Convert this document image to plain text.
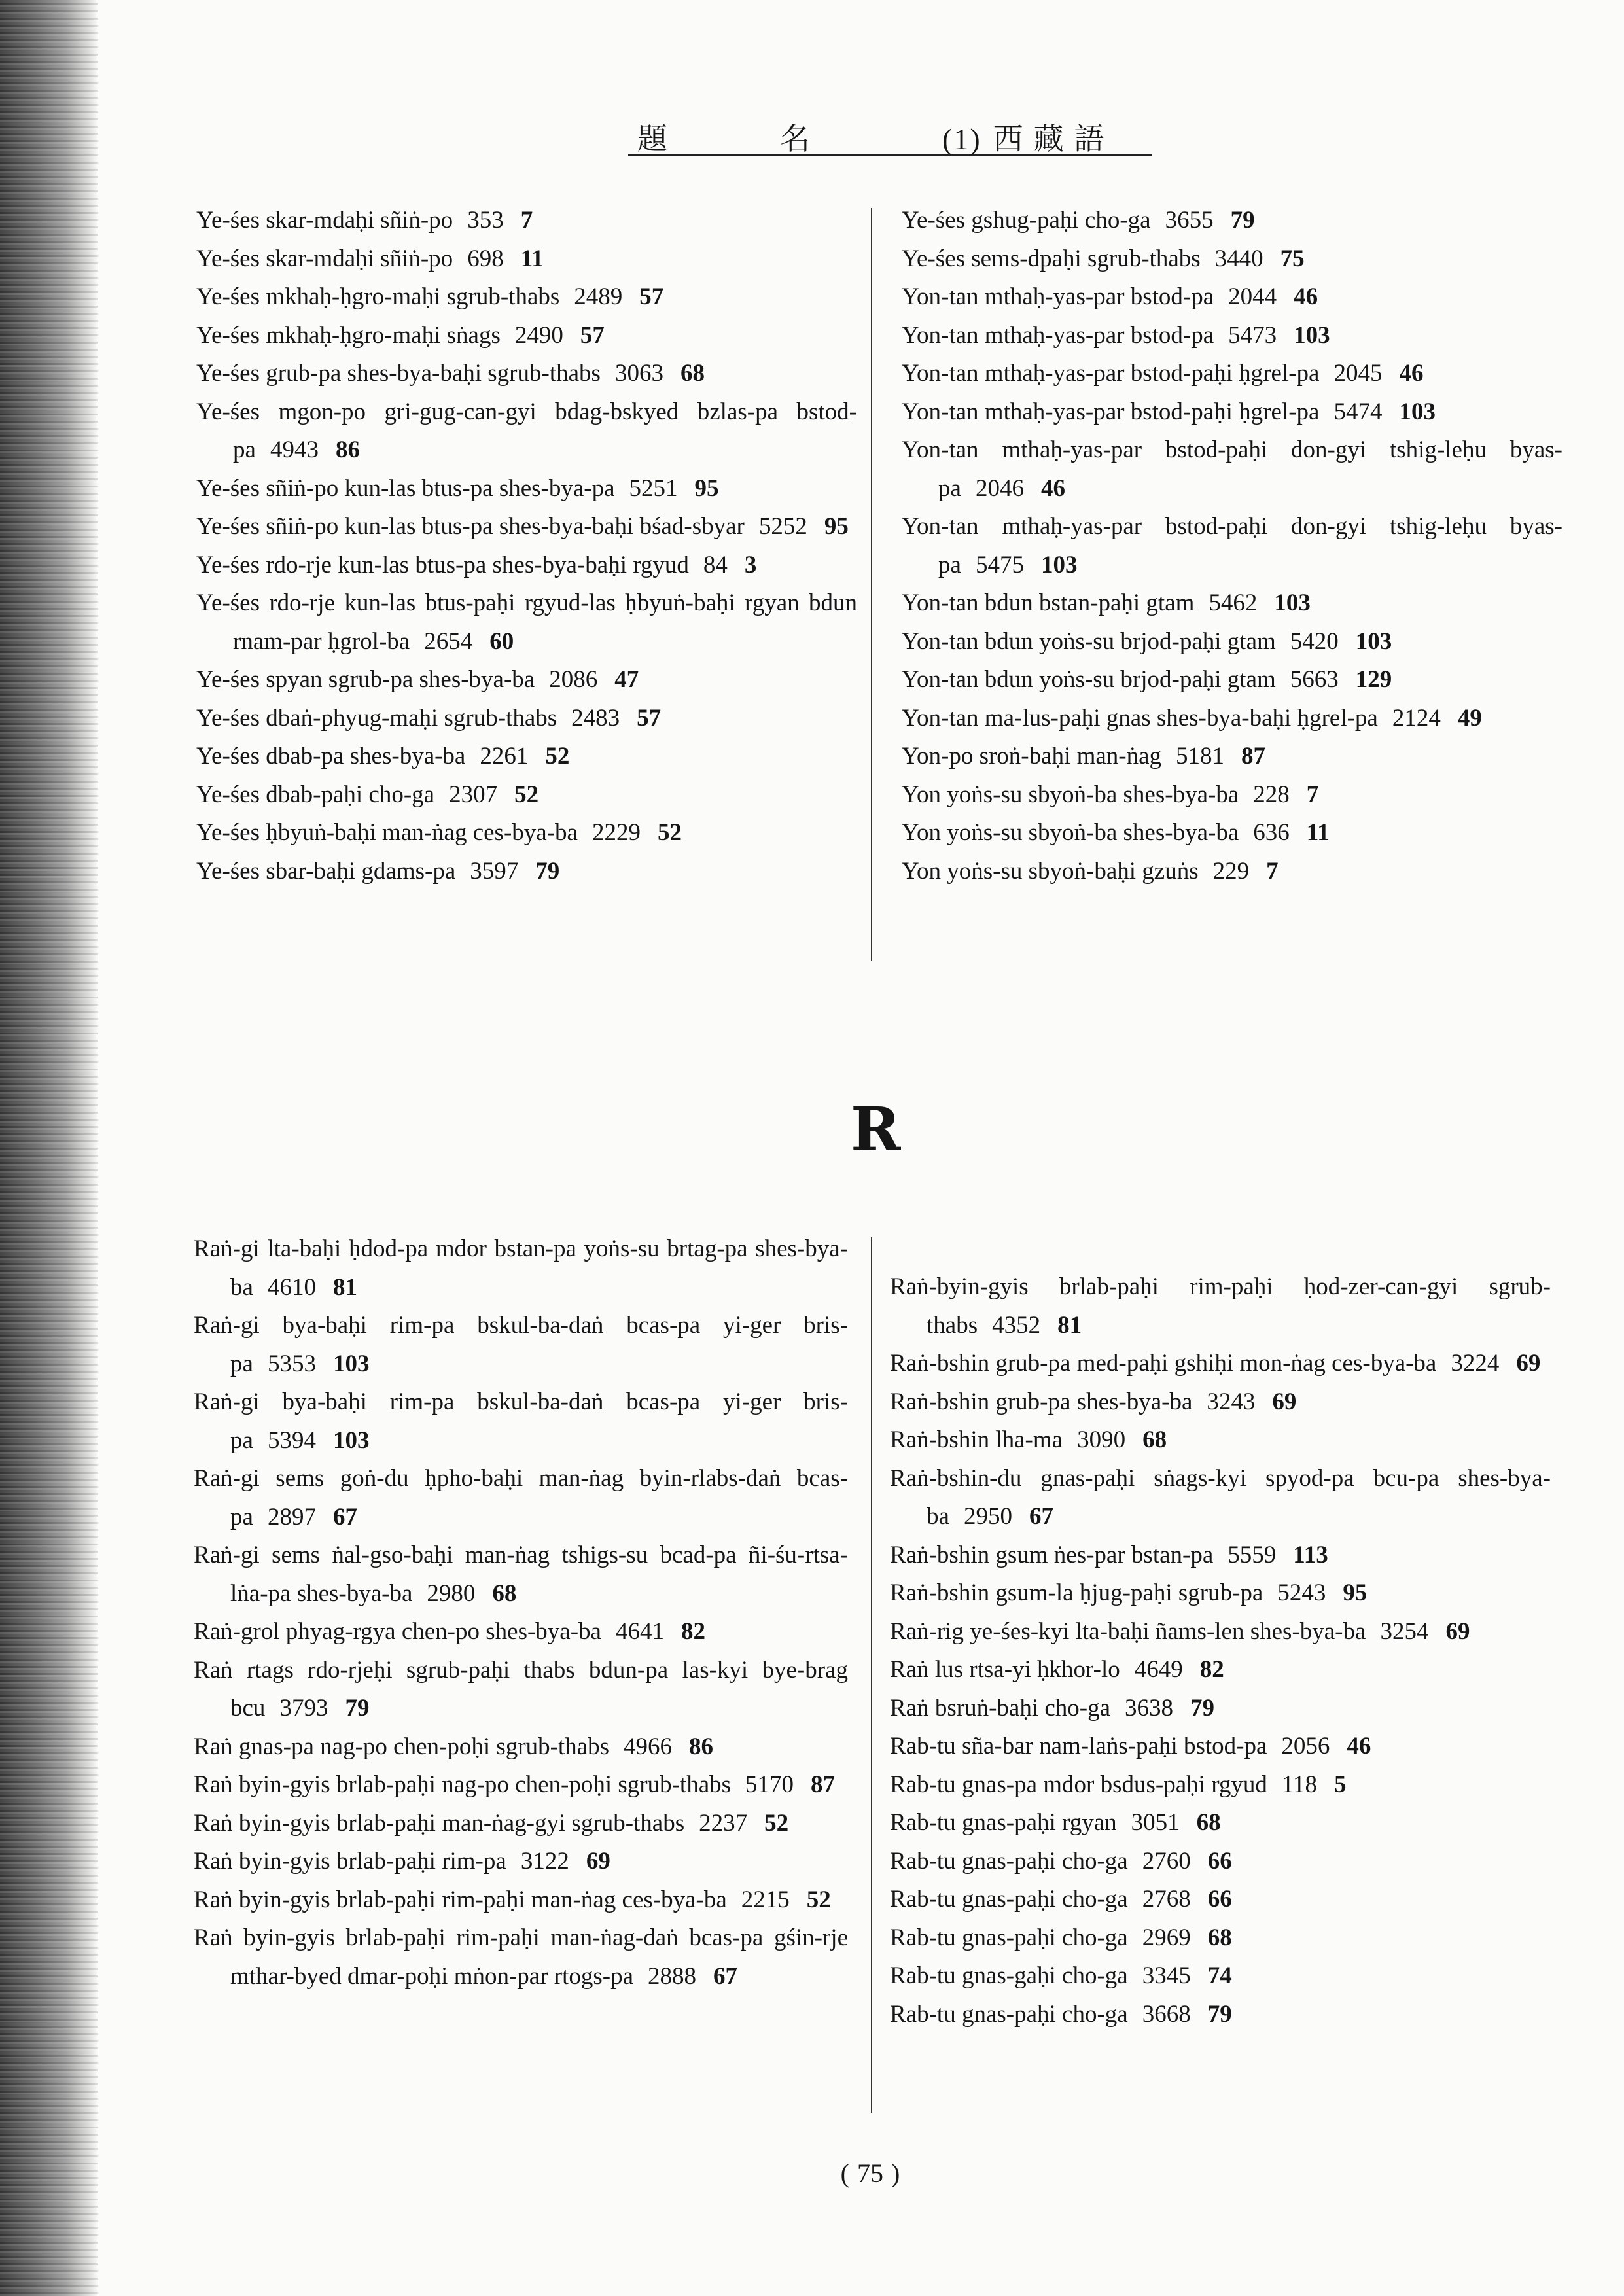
題	名	(1) 西藏語
Ye-śes skar-mdaḥi sñiṅ-po 353 7
Ye-śes skar-mdaḥi sñiṅ-po 698 11
Ye-śes mkhaḥ-ḥgro-maḥi sgrub-thabs 2489 57
Ye-śes mkhaḥ-ḥgro-maḥi sṅags 2490 57
Ye-śes grub-pa shes-bya-baḥi sgrub-thabs 3063 68
Ye-śes mgon-po gri-gug-can-gyi bdag-bskyed bzlas-pa bstod-pa 4943 86
Ye-śes sñiṅ-po kun-las btus-pa shes-bya-pa 5251 95
Ye-śes sñiṅ-po kun-las btus-pa shes-bya-baḥi bśad-sbyar 5252 95
Ye-śes rdo-rje kun-las btus-pa shes-bya-baḥi rgyud 84 3
Ye-śes rdo-rje kun-las btus-paḥi rgyud-las ḥbyuṅ-baḥi rgyan bdun rnam-par ḥgrol-ba 2654 60
Ye-śes spyan sgrub-pa shes-bya-ba 2086 47
Ye-śes dbaṅ-phyug-maḥi sgrub-thabs 2483 57
Ye-śes dbab-pa shes-bya-ba 2261 52
Ye-śes dbab-paḥi cho-ga 2307 52
Ye-śes ḥbyuṅ-baḥi man-ṅag ces-bya-ba 2229 52
Ye-śes sbar-baḥi gdams-pa 3597 79
Ye-śes gshug-paḥi cho-ga 3655 79
Ye-śes sems-dpaḥi sgrub-thabs 3440 75
Yon-tan mthaḥ-yas-par bstod-pa 2044 46
Yon-tan mthaḥ-yas-par bstod-pa 5473 103
Yon-tan mthaḥ-yas-par bstod-paḥi ḥgrel-pa 2045 46
Yon-tan mthaḥ-yas-par bstod-paḥi ḥgrel-pa 5474 103
Yon-tan mthaḥ-yas-par bstod-paḥi don-gyi tshig-leḥu byas-pa 2046 46
Yon-tan mthaḥ-yas-par bstod-paḥi don-gyi tshig-leḥu byas-pa 5475 103
Yon-tan bdun bstan-paḥi gtam 5462 103
Yon-tan bdun yoṅs-su brjod-paḥi gtam 5420 103
Yon-tan bdun yoṅs-su brjod-paḥi gtam 5663 129
Yon-tan ma-lus-paḥi gnas shes-bya-baḥi ḥgrel-pa 2124 49
Yon-po sroṅ-baḥi man-ṅag 5181 87
Yon yoṅs-su sbyoṅ-ba shes-bya-ba 228 7
Yon yoṅs-su sbyoṅ-ba shes-bya-ba 636 11
Yon yoṅs-su sbyoṅ-baḥi gzuṅs 229 7
R
Raṅ-gi lta-baḥi ḥdod-pa mdor bstan-pa yoṅs-su brtag-pa shes-bya-ba 4610 81
Raṅ-gi bya-baḥi rim-pa bskul-ba-daṅ bcas-pa yi-ger bris-pa 5353 103
Raṅ-gi bya-baḥi rim-pa bskul-ba-daṅ bcas-pa yi-ger bris-pa 5394 103
Raṅ-gi sems goṅ-du ḥpho-baḥi man-ṅag byin-rlabs-daṅ bcas-pa 2897 67
Raṅ-gi sems ṅal-gso-baḥi man-ṅag tshigs-su bcad-pa ñi-śu-rtsa-lṅa-pa shes-bya-ba 2980 68
Raṅ-grol phyag-rgya chen-po shes-bya-ba 4641 82
Raṅ rtags rdo-rjeḥi sgrub-paḥi thabs bdun-pa las-kyi bye-brag bcu 3793 79
Raṅ gnas-pa nag-po chen-poḥi sgrub-thabs 4966 86
Raṅ byin-gyis brlab-paḥi nag-po chen-poḥi sgrub-thabs 5170 87
Raṅ byin-gyis brlab-paḥi man-ṅag-gyi sgrub-thabs 2237 52
Raṅ byin-gyis brlab-paḥi rim-pa 3122 69
Raṅ byin-gyis brlab-paḥi rim-paḥi man-ṅag ces-bya-ba 2215 52
Raṅ byin-gyis brlab-paḥi rim-paḥi man-ṅag-daṅ bcas-pa gśin-rje mthar-byed dmar-poḥi mṅon-par rtogs-pa 2888 67
Raṅ-byin-gyis brlab-paḥi rim-paḥi ḥod-zer-can-gyi sgrub-thabs 4352 81
Raṅ-bshin grub-pa med-paḥi gshiḥi mon-ṅag ces-bya-ba 3224 69
Raṅ-bshin grub-pa shes-bya-ba 3243 69
Raṅ-bshin lha-ma 3090 68
Raṅ-bshin-du gnas-paḥi sṅags-kyi spyod-pa bcu-pa shes-bya-ba 2950 67
Raṅ-bshin gsum ṅes-par bstan-pa 5559 113
Raṅ-bshin gsum-la ḥjug-paḥi sgrub-pa 5243 95
Raṅ-rig ye-śes-kyi lta-baḥi ñams-len shes-bya-ba 3254 69
Raṅ lus rtsa-yi ḥkhor-lo 4649 82
Raṅ bsruṅ-baḥi cho-ga 3638 79
Rab-tu sña-bar nam-laṅs-paḥi bstod-pa 2056 46
Rab-tu gnas-pa mdor bsdus-paḥi rgyud 118 5
Rab-tu gnas-paḥi rgyan 3051 68
Rab-tu gnas-paḥi cho-ga 2760 66
Rab-tu gnas-paḥi cho-ga 2768 66
Rab-tu gnas-paḥi cho-ga 2969 68
Rab-tu gnas-gaḥi cho-ga 3345 74
Rab-tu gnas-paḥi cho-ga 3668 79
( 75 )
